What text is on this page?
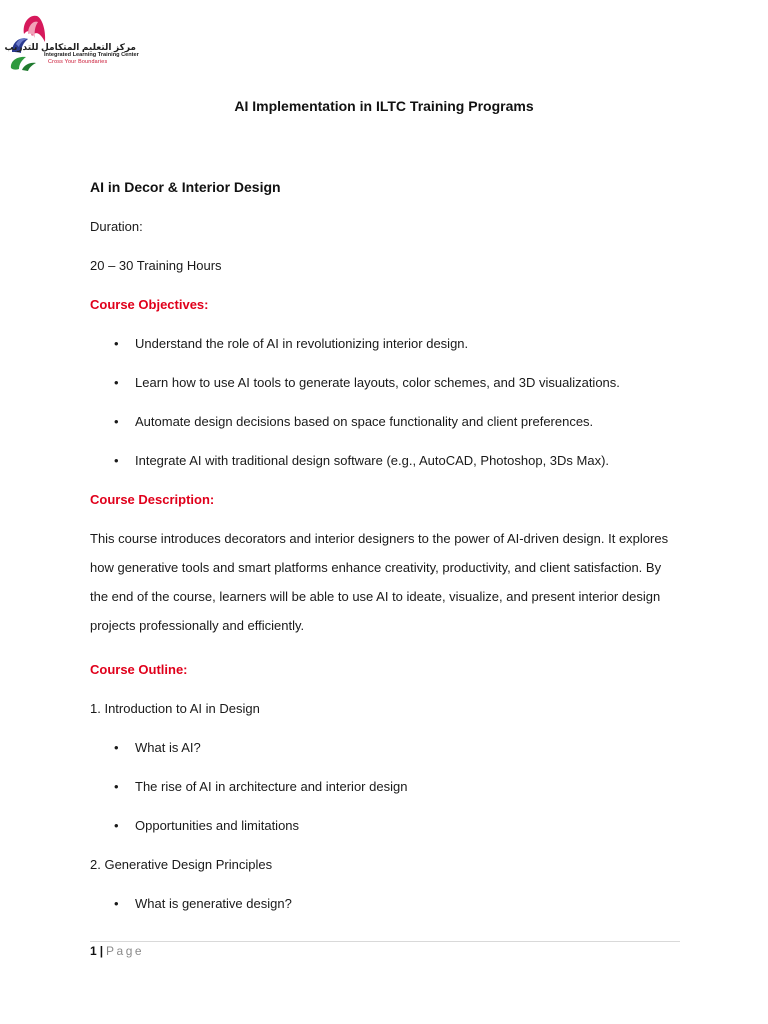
مركز التعليم المتكامل للتدريب
Integrated Learning Training Center
Cross Your Boundaries
AI Implementation in ILTC Training Programs
AI in Decor & Interior Design
Duration:
20 – 30 Training Hours
Course Objectives:
• Understand the role of AI in revolutionizing interior design.
• Learn how to use AI tools to generate layouts, color schemes, and 3D visualizations.
• Automate design decisions based on space functionality and client preferences.
• Integrate AI with traditional design software (e.g., AutoCAD, Photoshop, 3Ds Max).
Course Description:
This course introduces decorators and interior designers to the power of AI-driven design. It explores how generative tools and smart platforms enhance creativity, productivity, and client satisfaction. By the end of the course, learners will be able to use AI to ideate, visualize, and present interior design projects professionally and efficiently.
Course Outline:
1. Introduction to AI in Design
• What is AI?
• The rise of AI in architecture and interior design
• Opportunities and limitations
2. Generative Design Principles
• What is generative design?
1 | Page
